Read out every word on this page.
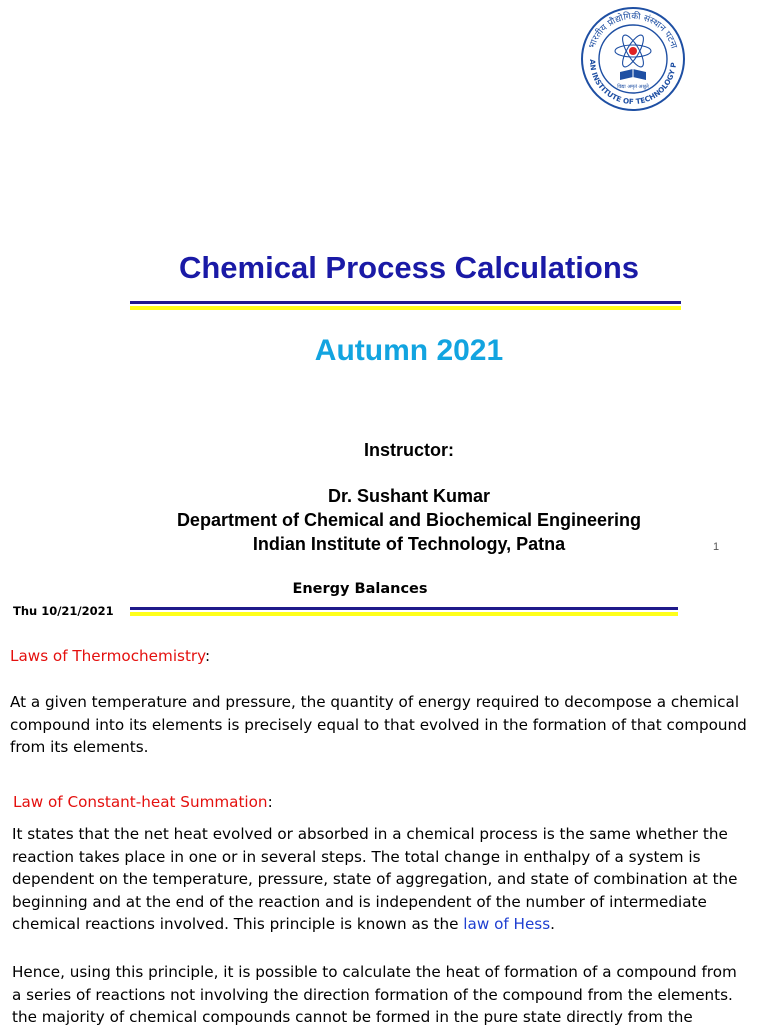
भारतीय प्रौद्योगिकी संस्थान पटना
AN INSTITUTE OF TECHNOLOGY P
विद्या अमृतं अश्नुते
Chemical Process Calculations
Autumn 2021
Instructor:
Dr. Sushant Kumar
Department of Chemical and Biochemical Engineering
Indian Institute of Technology, Patna	1
Energy Balances
Thu 10/21/2021
Laws of Thermochemistry:
At a given temperature and pressure, the quantity of energy required to decompose a chemical
compound into its elements is precisely equal to that evolved in the formation of that compound
from its elements.
Law of Constant-heat Summation:
It states that the net heat evolved or absorbed in a chemical process is the same whether the
reaction takes place in one or in several steps. The total change in enthalpy of a system is
dependent on the temperature, pressure, state of aggregation, and state of combination at the
beginning and at the end of the reaction and is independent of the number of intermediate
chemical reactions involved. This principle is known as the law of Hess.
Hence, using this principle, it is possible to calculate the heat of formation of a compound from
a series of reactions not involving the direction formation of the compound from the elements.
the majority of chemical compounds cannot be formed in the pure state directly from the
